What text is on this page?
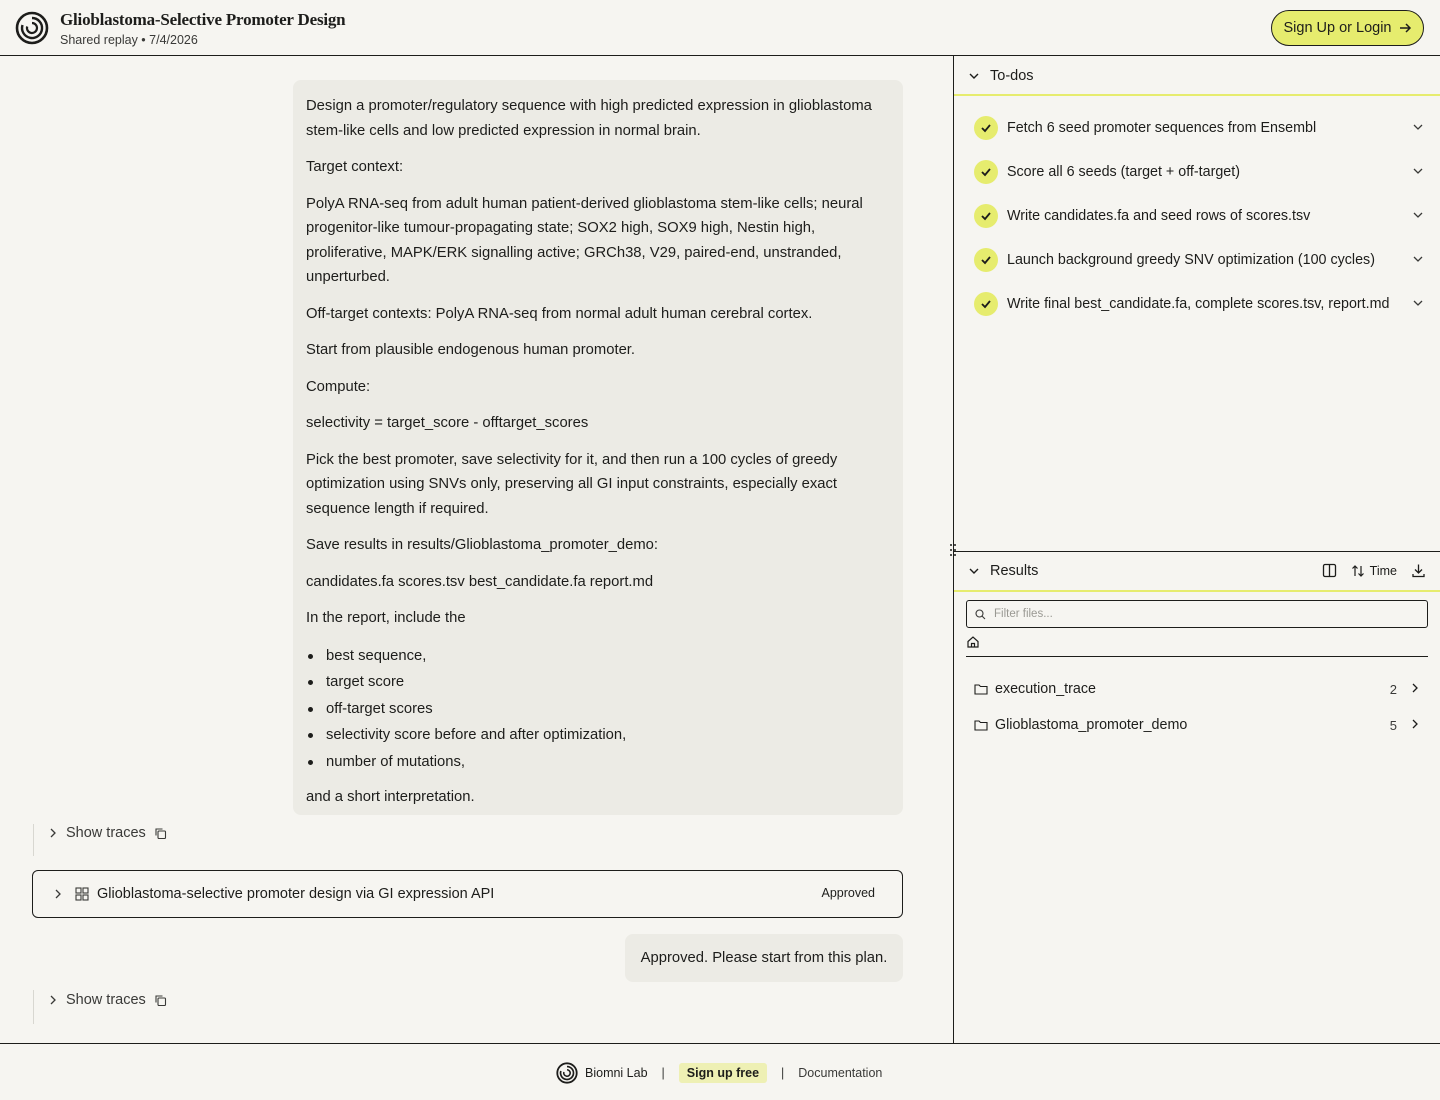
Glioblastoma-Selective Promoter Design
Shared replay • 7/4/2026
Sign Up or Login

Design a promoter/regulatory sequence with high predicted expression in glioblastoma stem-like cells and low predicted expression in normal brain.

Target context:

PolyA RNA-seq from adult human patient-derived glioblastoma stem-like cells; neural progenitor-like tumour-propagating state; SOX2 high, SOX9 high, Nestin high, proliferative, MAPK/ERK signalling active; GRCh38, V29, paired-end, unstranded, unperturbed.

Off-target contexts: PolyA RNA-seq from normal adult human cerebral cortex.

Start from plausible endogenous human promoter.

Compute:

selectivity = target_score - offtarget_scores

Pick the best promoter, save selectivity for it, and then run a 100 cycles of greedy optimization using SNVs only, preserving all GI input constraints, especially exact sequence length if required.

Save results in results/Glioblastoma_promoter_demo:

candidates.fa scores.tsv best_candidate.fa report.md

In the report, include the

best sequence,
target score
off-target scores
selectivity score before and after optimization,
number of mutations,

and a short interpretation.

Show traces
Glioblastoma-selective promoter design via GI expression API	Approved
Approved. Please start from this plan.
Show traces
To-dos
Fetch 6 seed promoter sequences from Ensembl
Score all 6 seeds (target + off-target)
Write candidates.fa and seed rows of scores.tsv
Launch background greedy SNV optimization (100 cycles)
Write final best_candidate.fa, complete scores.tsv, report.md
Results	Time
Filter files...
execution_trace	2
Glioblastoma_promoter_demo	5
Biomni Lab |	Sign up free	| Documentation
